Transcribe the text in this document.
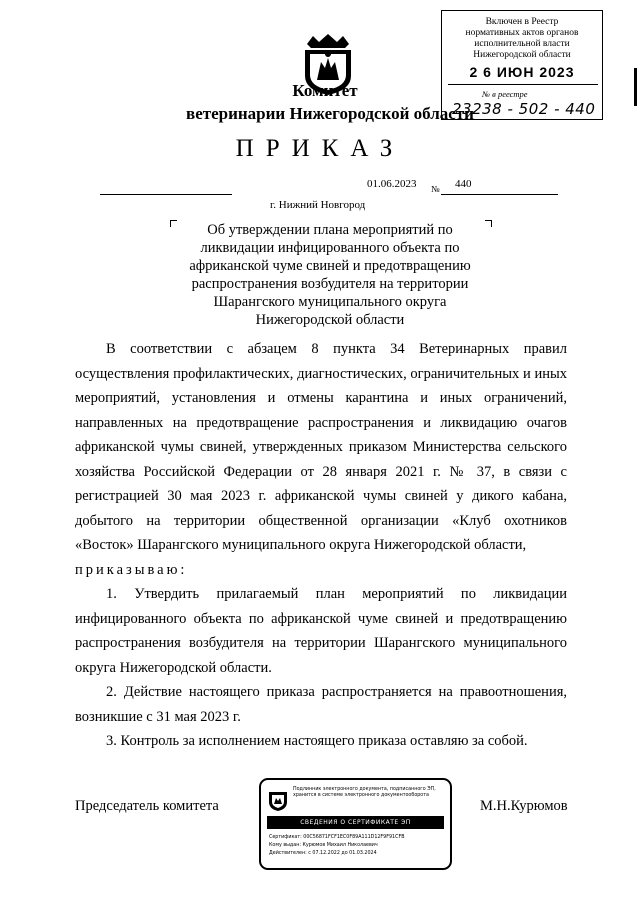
Включен в Реестр
нормативных актов органов
исполнительной власти
Нижегородской области
2 6 ИЮН 2023
№ в реестре
23238 - 502 - 440
Комитет
ветеринарии Нижегородской области
ПРИКАЗ
01.06.2023 № 440
г. Нижний Новгород
Об утверждении плана мероприятий по
ликвидации инфицированного объекта по
африканской чуме свиней и предотвращению
распространения возбудителя на территории
Шарангского муниципального округа
Нижегородской области

В соответствии с абзацем 8 пункта 34 Ветеринарных правил осуществления профилактических, диагностических, ограничительных и иных мероприятий, установления и отмены карантина и иных ограничений, направленных на предотвращение распространения и ликвидацию очагов африканской чумы свиней, утвержденных приказом Министерства сельского хозяйства Российской Федерации от 28 января 2021 г. № 37, в связи с регистрацией 30 мая 2023 г. африканской чумы свиней у дикого кабана, добытого на территории общественной организации «Клуб охотников «Восток» Шарангского муниципального округа Нижегородской области,

приказываю:

1. Утвердить прилагаемый план мероприятий по ликвидации инфицированного объекта по африканской чуме свиней и предотвращению распространения возбудителя на территории Шарангского муниципального округа Нижегородской области.

2. Действие настоящего приказа распространяется на правоотношения, возникшие с 31 мая 2023 г.

3. Контроль за исполнением настоящего приказа оставляю за собой.

Председатель комитета
Подлинник электронного документа, подписанного ЭП,
хранится в системе электронного документооборота
СВЕДЕНИЯ О СЕРТИФИКАТЕ ЭП
Сертификат: 00C56871FCF1EC0F89A111D12F9F91CFB
Кому выдан: Курюмов Михаил Николаевич
Действителен: с 07.12.2022 до 01.03.2024
М.Н.Курюмов
